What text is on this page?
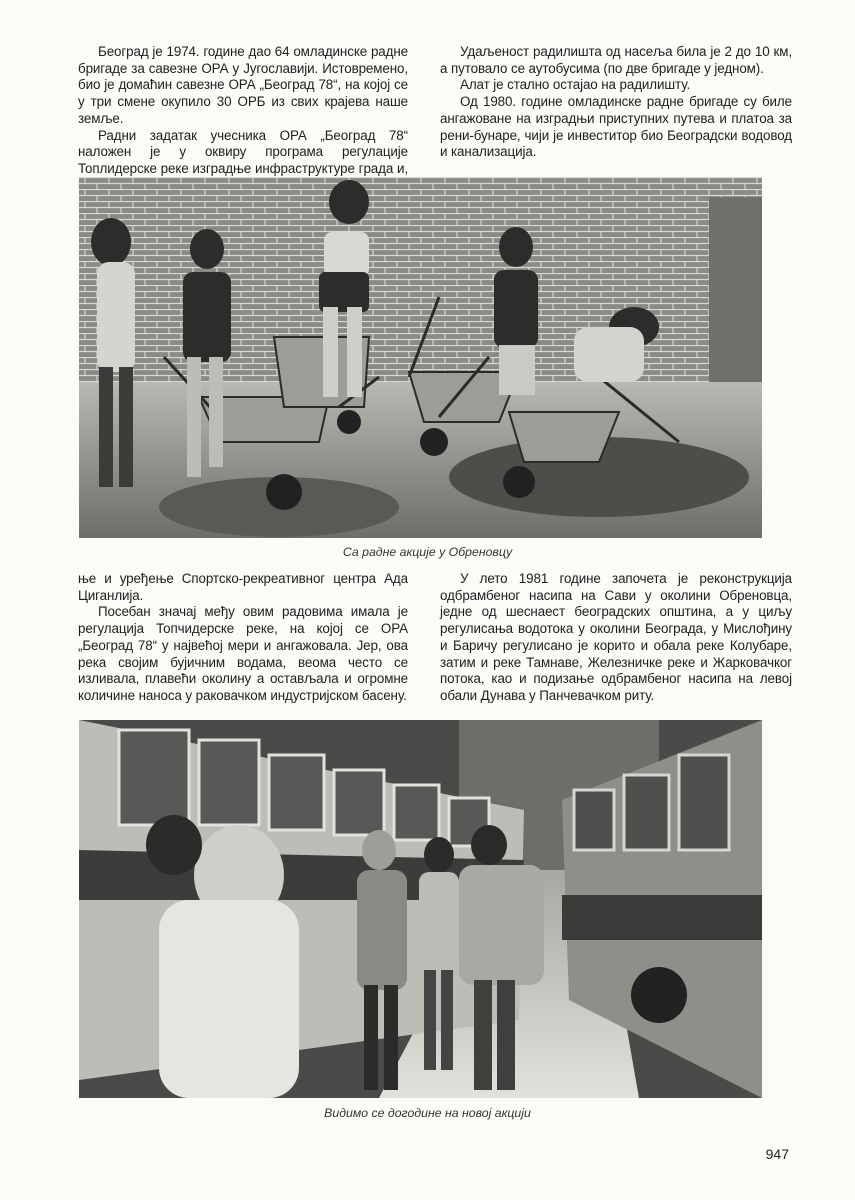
Београд је 1974. године дао 64 омладинске радне бригаде за савезне ОРА у Југославији. Истовремено, био је домаћин савезне ОРА „Београд 78“, на којој се у три смене окупило 30 ОРБ из свих крајева наше земље.

Радни задатак учесника ОРА „Београд 78“ наложен је у оквиру програма регулације Топлидерске реке изградње инфраструктуре града и,

Удаљеност радилишта од насеља била је 2 до 10 км, а путовало се аутобусима (по две бригаде у једном).

Алат је стално остајао на радилишту.

Од 1980. године омладинске радне бригаде су биле ангажоване на изградњи приступних путева и платоа за рени-бунаре, чији је инвеститор био Београдски водовод и канализација.

Са радне акције у Обреновцу

ње и уређење Спортско-рекреативног центра Ада Циганлија.

Посебан значај међу овим радовима имала је регулација Топчидерске реке, на којој се ОРА „Београд 78“ у највећој мери и ангажовала. Јер, ова река својим бујичним водама, веома често се изливала, плавећи околину а остављала и огромне количине наноса у раковачком индустријском басену.

У лето 1981 године започета је реконструкција одбрамбеног насипа на Сави у околини Обреновца, једне од шеснаест београдских општина, а у циљу регулисања водотока у околини Београда, у Мислођину и Баричу регулисано је корито и обала реке Колубаре, затим и реке Тамнаве, Железничке реке и Жарковачког потока, као и подизање одбрамбеног насипа на левој обали Дунава у Панчевачком риту.

Видимо се догодине на новој акцији
947
